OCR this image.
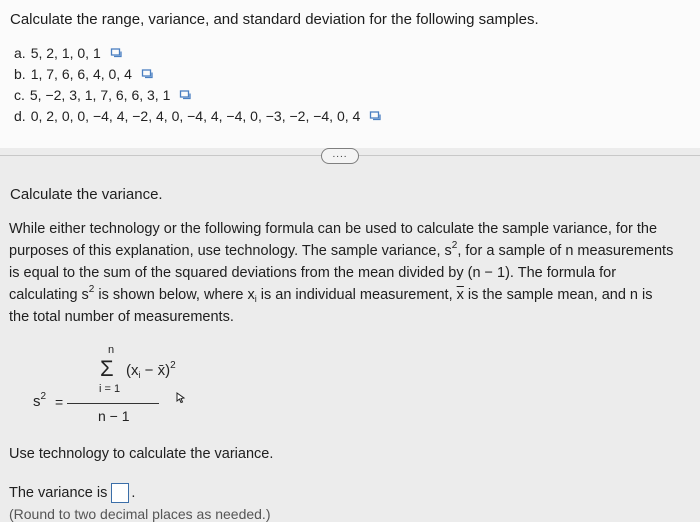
Calculate the range, variance, and standard deviation for the following samples.
a. 5, 2, 1, 0, 1
b. 1, 7, 6, 6, 4, 0, 4
c. 5, −2, 3, 1, 7, 6, 6, 3, 1
d. 0, 2, 0, 0, −4, 4, −2, 4, 0, −4, 4, −4, 0, −3, −2, −4, 0, 4
....
Calculate the variance.
While either technology or the following formula can be used to calculate the sample variance, for the
purposes of this explanation, use technology. The sample variance, $s^2$, for a sample of n measurements
is equal to the sum of the squared deviations from the mean divided by (n − 1). The formula for
calculating $s^2$ is shown below, where $x_i$ is an individual measurement, $\overline{x}$ is the sample mean, and n is
the total number of measurements.
n
Σ ($x_i$ − x̄)$^2$
i = 1
$s^2$ =
n − 1
Use technology to calculate the variance.
The variance is .
(Round to two decimal places as needed.)
